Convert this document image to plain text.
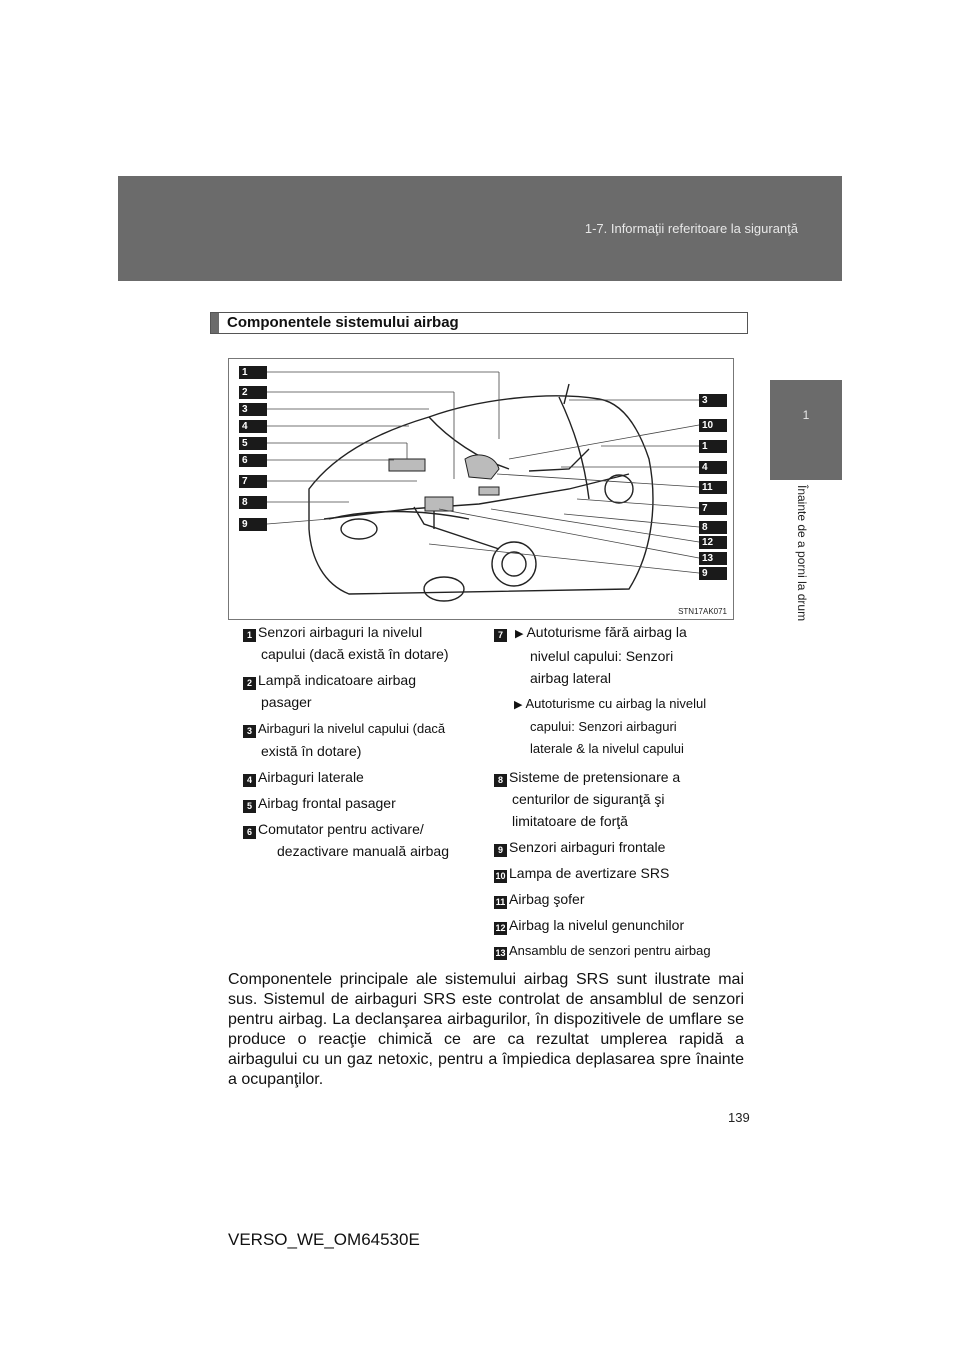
1-7. Informaţii referitoare la siguranţă
1
Înainte de a porni la drum
Componentele sistemului airbag
1
2
3
4
5
6
7
8
9
3
10
1
4
11
7
8
12
13
9
STN17AK071
1 Senzori airbaguri la nivelul
capului (dacă există în dotare)
2 Lampă indicatoare airbag
pasager
3 Airbaguri la nivelul capului (dacă
există în dotare)
4 Airbaguri laterale
5 Airbag frontal pasager
6 Comutator pentru activare/
dezactivare manuală airbag
7 ▶ Autoturisme fără airbag la
nivelul capului: Senzori
airbag lateral
▶ Autoturisme cu airbag la nivelul
capului: Senzori airbaguri
laterale & la nivelul capului
8 Sisteme de pretensionare a
centurilor de siguranţă şi
limitatoare de forţă
9 Senzori airbaguri frontale
10 Lampa de avertizare SRS
11 Airbag şofer
12 Airbag la nivelul genunchilor
13 Ansamblu de senzori pentru airbag
Componentele principale ale sistemului airbag SRS sunt ilustrate mai sus. Sistemul de airbaguri SRS este controlat de ansamblul de senzori pentru airbag. La declanşarea airbagurilor, în dispozitivele de umflare se produce o reacţie chimică ce are ca rezultat umplerea rapidă a airbagului cu un gaz netoxic, pentru a împiedica deplasarea spre înainte a ocupanţilor.
139
VERSO_WE_OM64530E
